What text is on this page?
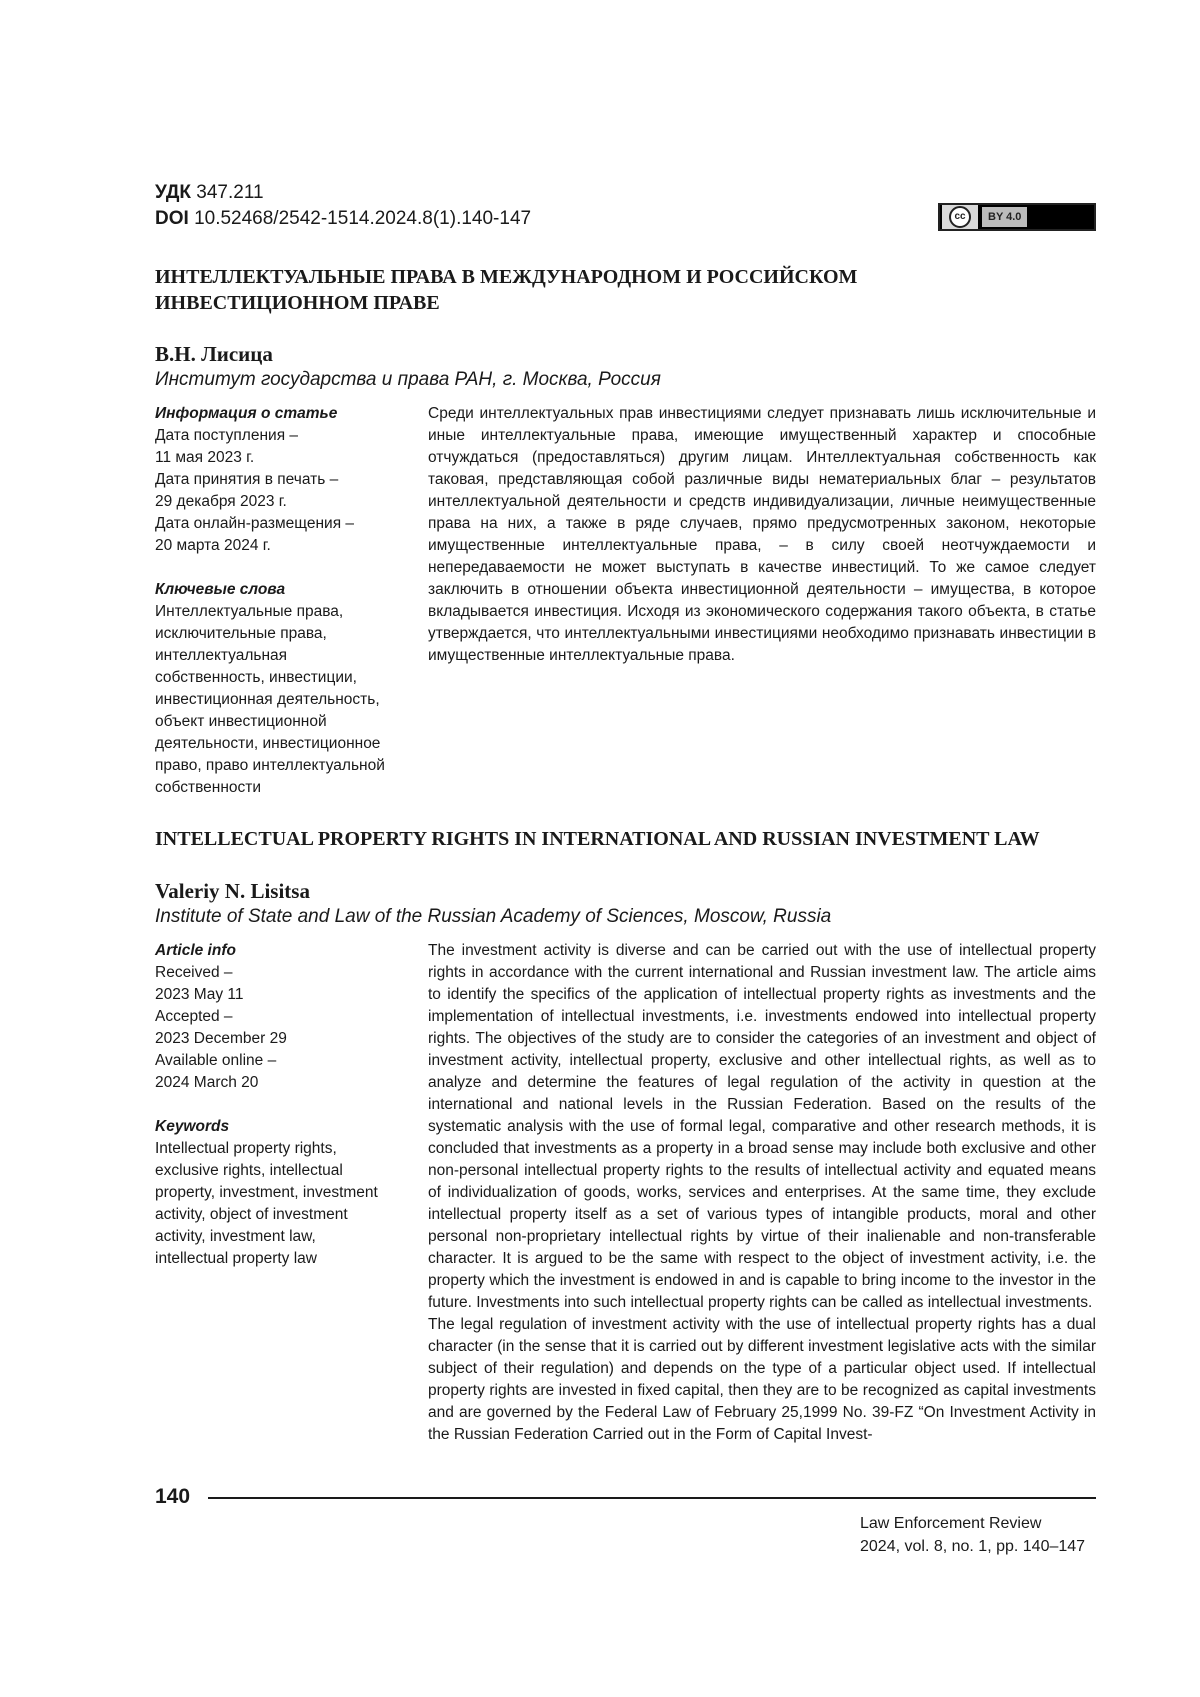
УДК 347.211
DOI 10.52468/2542-1514.2024.8(1).140-147	cc	BY 4.0
ИНТЕЛЛЕКТУАЛЬНЫЕ ПРАВА В МЕЖДУНАРОДНОМ И РОССИЙСКОМ
ИНВЕСТИЦИОННОМ ПРАВЕ
В.Н. Лисица
Институт государства и права РАН, г. Москва, Россия
Информация о статье
Дата поступления –
11 мая 2023 г.
Дата принятия в печать –
29 декабря 2023 г.
Дата онлайн-размещения –
20 марта 2024 г.
Ключевые слова
Интеллектуальные права,
исключительные права,
интеллектуальная
собственность, инвестиции,
инвестиционная деятельность,
объект инвестиционной
деятельности, инвестиционное
право, право интеллектуальной
собственности

Среди интеллектуальных прав инвестициями следует признавать лишь исключительные и иные интеллектуальные права, имеющие имущественный характер и способные отчуждаться (предоставляться) другим лицам. Интеллектуальная собственность как таковая, представляющая собой различные виды нематериальных благ – результатов интеллектуальной деятельности и средств индивидуализации, личные неимущественные права на них, а также в ряде случаев, прямо предусмотренных законом, некоторые имущественные интеллектуальные права, – в силу своей неотчуждаемости и непередаваемости не может выступать в качестве инвестиций. То же самое следует заключить в отношении объекта инвестиционной деятельности – имущества, в которое вкладывается инвестиция. Исходя из экономического содержания такого объекта, в статье утверждается, что интеллектуальными инвестициями необходимо признавать инвестиции в имущественные интеллектуальные права.

INTELLECTUAL PROPERTY RIGHTS IN INTERNATIONAL AND RUSSIAN INVESTMENT LAW
Valeriy N. Lisitsa
Institute of State and Law of the Russian Academy of Sciences, Moscow, Russia
Article info
Received –
2023 May 11
Accepted –
2023 December 29
Available online –
2024 March 20
Keywords
Intellectual property rights,
exclusive rights, intellectual
property, investment, investment
activity, object of investment
activity, investment law,
intellectual property law

The investment activity is diverse and can be carried out with the use of intellectual property rights in accordance with the current international and Russian investment law. The article aims to identify the specifics of the application of intellectual property rights as investments and the implementation of intellectual investments, i.e. investments endowed into intellectual property rights. The objectives of the study are to consider the categories of an investment and object of investment activity, intellectual property, exclusive and other intellectual rights, as well as to analyze and determine the features of legal regulation of the activity in question at the international and national levels in the Russian Federation. Based on the results of the systematic analysis with the use of formal legal, comparative and other research methods, it is concluded that investments as a property in a broad sense may include both exclusive and other non-personal intellectual property rights to the results of intellectual activity and equated means of individualization of goods, works, services and enterprises. At the same time, they exclude intellectual property itself as a set of various types of intangible products, moral and other personal non-proprietary intellectual rights by virtue of their inalienable and non-transferable character. It is argued to be the same with respect to the object of investment activity, i.e. the property which the investment is endowed in and is capable to bring income to the investor in the future. Investments into such intellectual property rights can be called as intellectual investments.

The legal regulation of investment activity with the use of intellectual property rights has a dual character (in the sense that it is carried out by different investment legislative acts with the similar subject of their regulation) and depends on the type of a particular object used. If intellectual property rights are invested in fixed capital, then they are to be recognized as capital investments and are governed by the Federal Law of February 25,1999 No. 39-FZ “On Investment Activity in the Russian Federation Carried out in the Form of Capital Invest-

140
Law Enforcement Review
2024, vol. 8, no. 1, pp. 140–147
